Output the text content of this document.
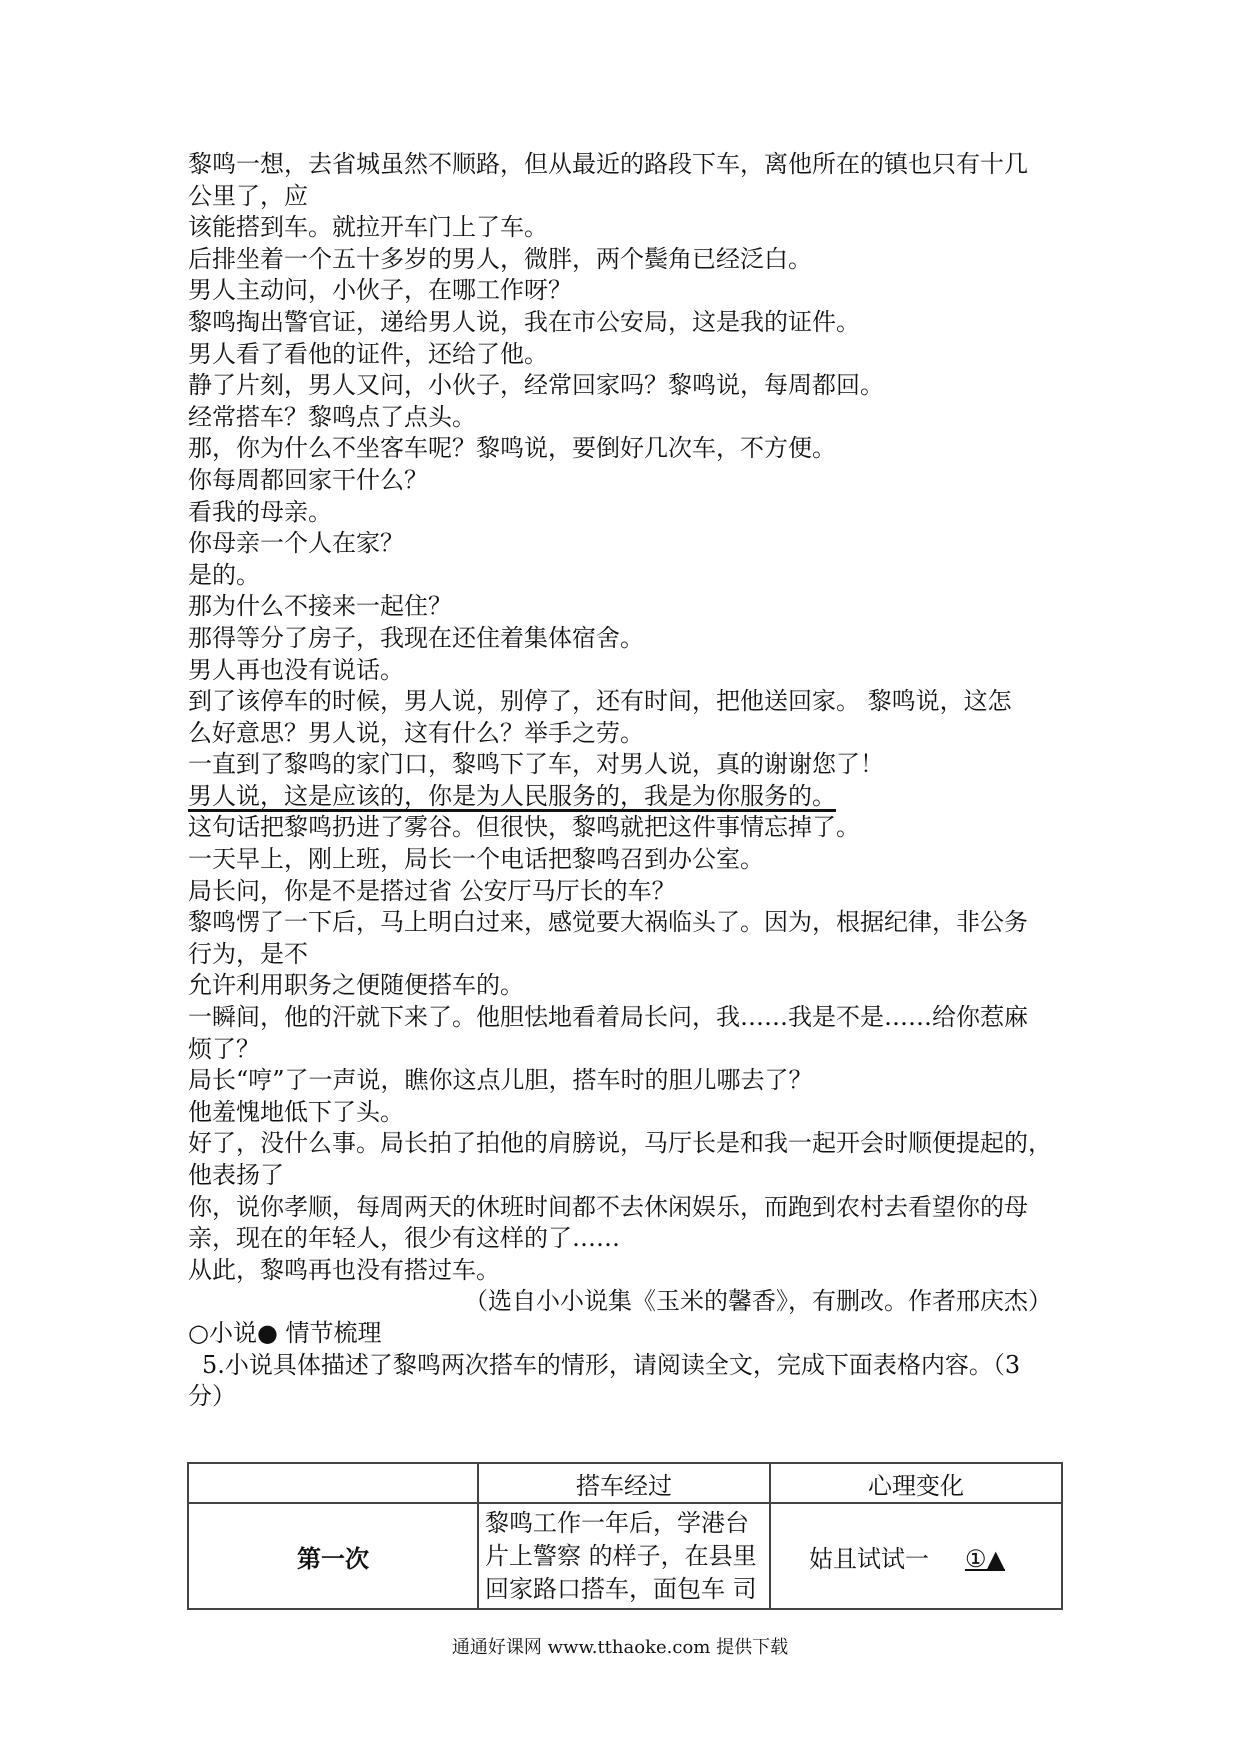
黎鸣一想，去省城虽然不顺路，但从最近的路段下车，离他所在的镇也只有十几
公里了，应
该能搭到车。就拉开车门上了车。
后排坐着一个五十多岁的男人，微胖，两个鬓角已经泛白。
男人主动问，小伙子，在哪工作呀？
黎鸣掏出警官证，递给男人说，我在市公安局，这是我的证件。
男人看了看他的证件，还给了他。
静了片刻，男人又问，小伙子，经常回家吗？黎鸣说，每周都回。
经常搭车？黎鸣点了点头。
那，你为什么不坐客车呢？黎鸣说，要倒好几次车，不方便。
你每周都回家干什么？
看我的母亲。
你母亲一个人在家？
是的。
那为什么不接来一起住？
那得等分了房子，我现在还住着集体宿舍。
男人再也没有说话。
到了该停车的时候，男人说，别停了，还有时间，把他送回家。 黎鸣说，这怎
么好意思？男人说，这有什么？举手之劳。
一直到了黎鸣的家门口，黎鸣下了车，对男人说，真的谢谢您了！
男人说，这是应该的，你是为人民服务的，我是为你服务的。
这句话把黎鸣扔进了雾谷。但很快，黎鸣就把这件事情忘掉了。
一天早上，刚上班，局长一个电话把黎鸣召到办公室。
局长问，你是不是搭过省 公安厅马厅长的车？
黎鸣愣了一下后，马上明白过来，感觉要大祸临头了。因为，根据纪律，非公务
行为，是不
允许利用职务之便随便搭车的。
一瞬间，他的汗就下来了。他胆怯地看着局长问，我……我是不是……给你惹麻
烦了？
局长“哼”了一声说，瞧你这点儿胆，搭车时的胆儿哪去了？
他羞愧地低下了头。
好了，没什么事。局长拍了拍他的肩膀说，马厅长是和我一起开会时顺便提起的，
他表扬了
你，说你孝顺，每周两天的休班时间都不去休闲娱乐，而跑到农村去看望你的母
亲，现在的年轻人，很少有这样的了……
从此，黎鸣再也没有搭过车。
（选自小小说集《玉米的馨香》，有删改。作者邢庆杰）
○小说● 情节梳理
5.小说具体描述了黎鸣两次搭车的情形，请阅读全文，完成下面表格内容。（3
分）
	搭车经过	心理变化
第一次	黎鸣工作一年后，学港台
片上警察 的样子，在县里
回家路口搭车，面包车 司	姑且试试一 ①▲
通通好课网 www.tthaoke.com 提供下载
